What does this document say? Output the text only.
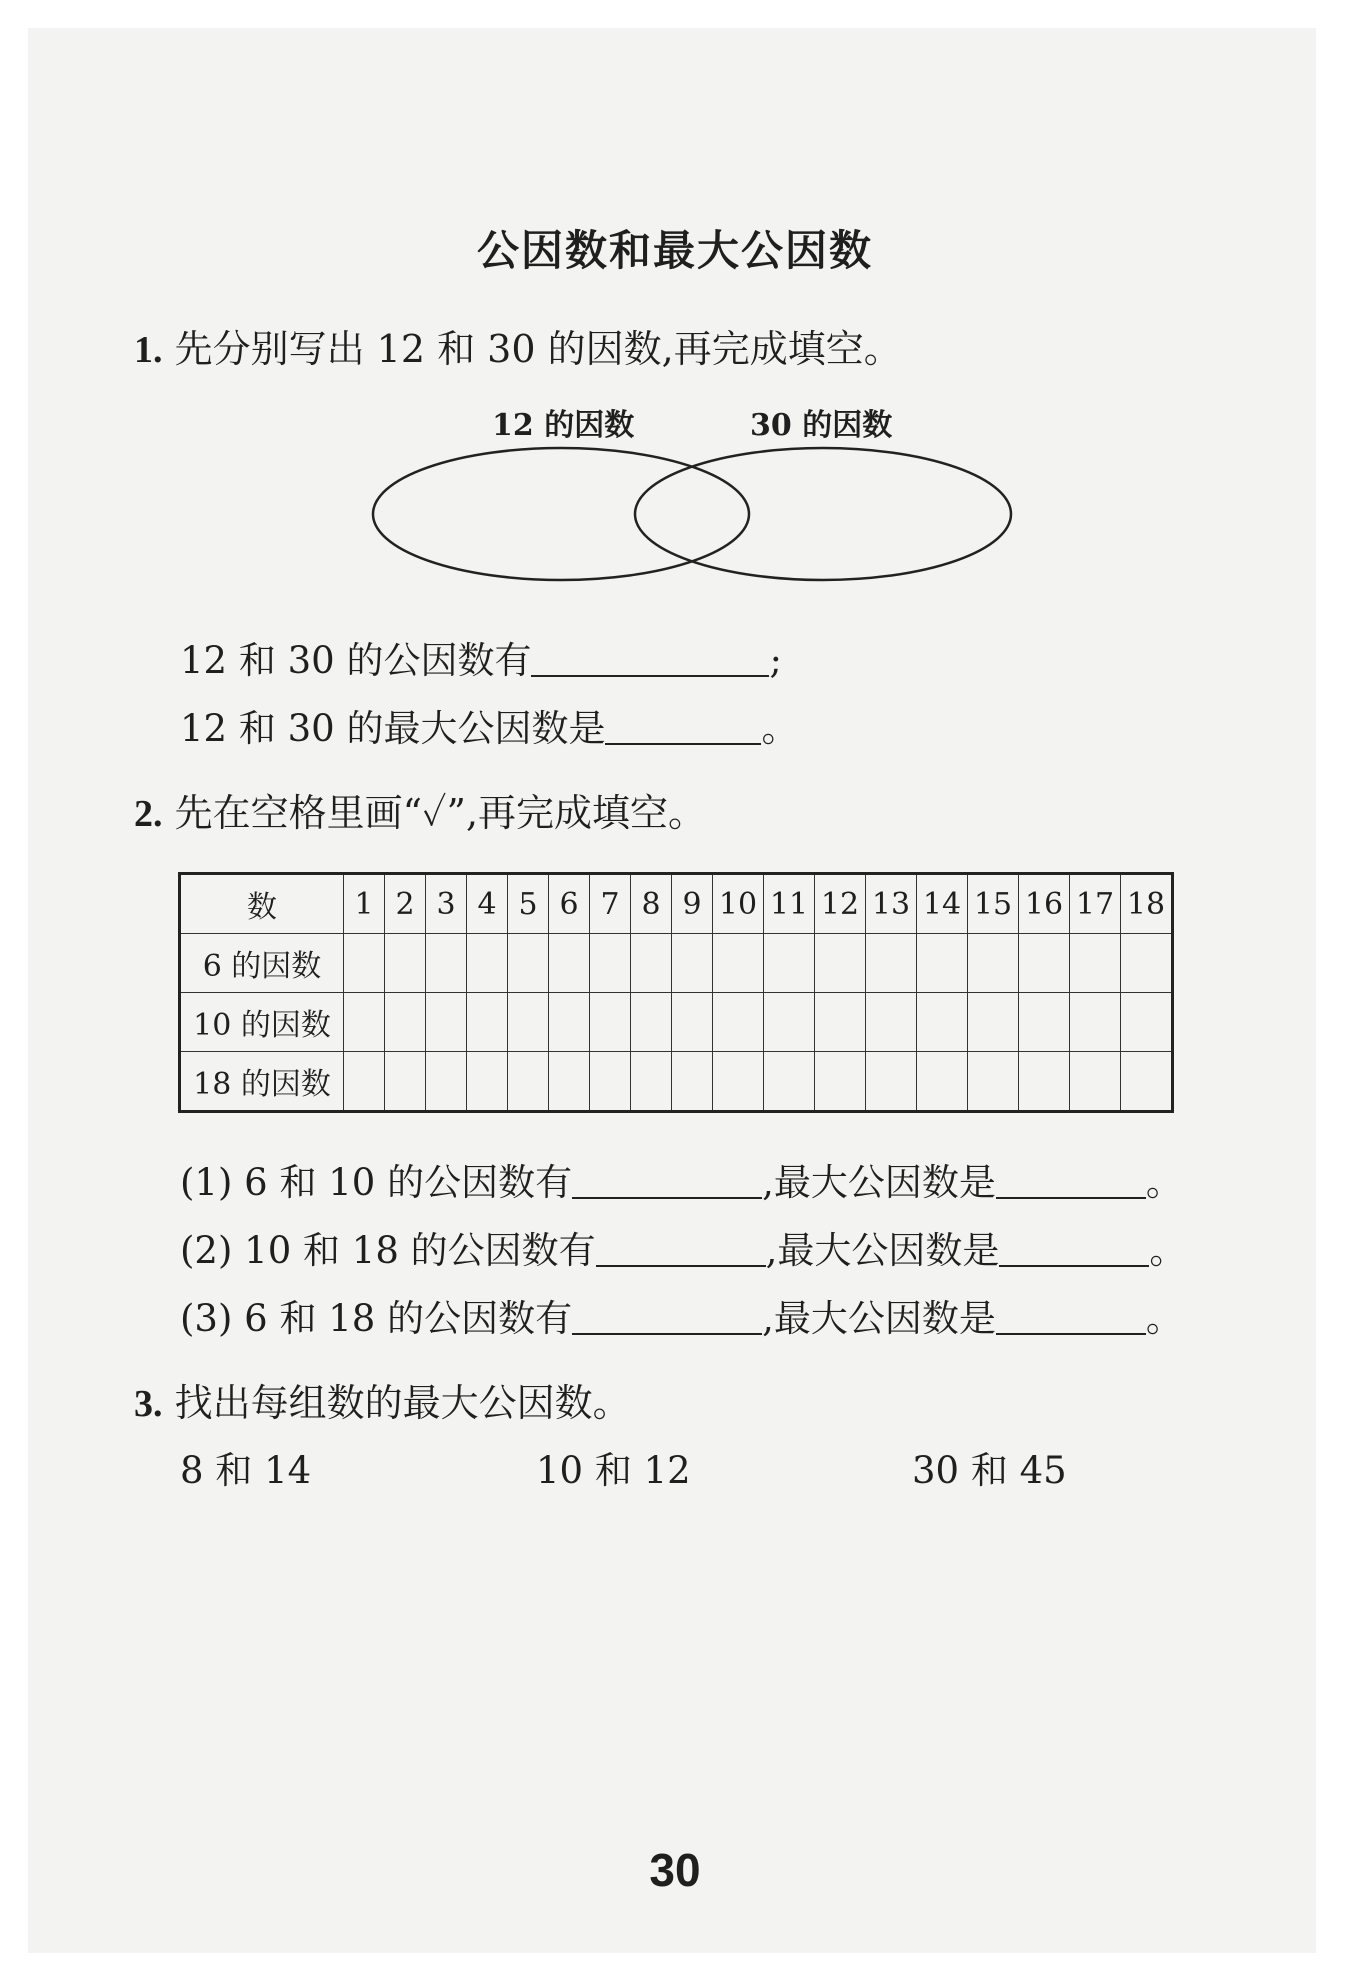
公因数和最大公因数
1. 先分别写出 12 和 30 的因数,再完成填空。
12 的因数	30 的因数
12 和 30 的公因数有	;
12 和 30 的最大公因数是	。
2. 先在空格里画“✓”,再完成填空。
数	1	2	3	4	5	6	7	8	9	10	11	12	13	14	15	16	17	18
6 的因数																		
10 的因数																		
18 的因数																		
(1) 6 和 10 的公因数有	,最大公因数是	。
(2) 10 和 18 的公因数有	,最大公因数是	。
(3) 6 和 18 的公因数有	,最大公因数是	。
3. 找出每组数的最大公因数。
8 和 14	10 和 12	30 和 45
30
